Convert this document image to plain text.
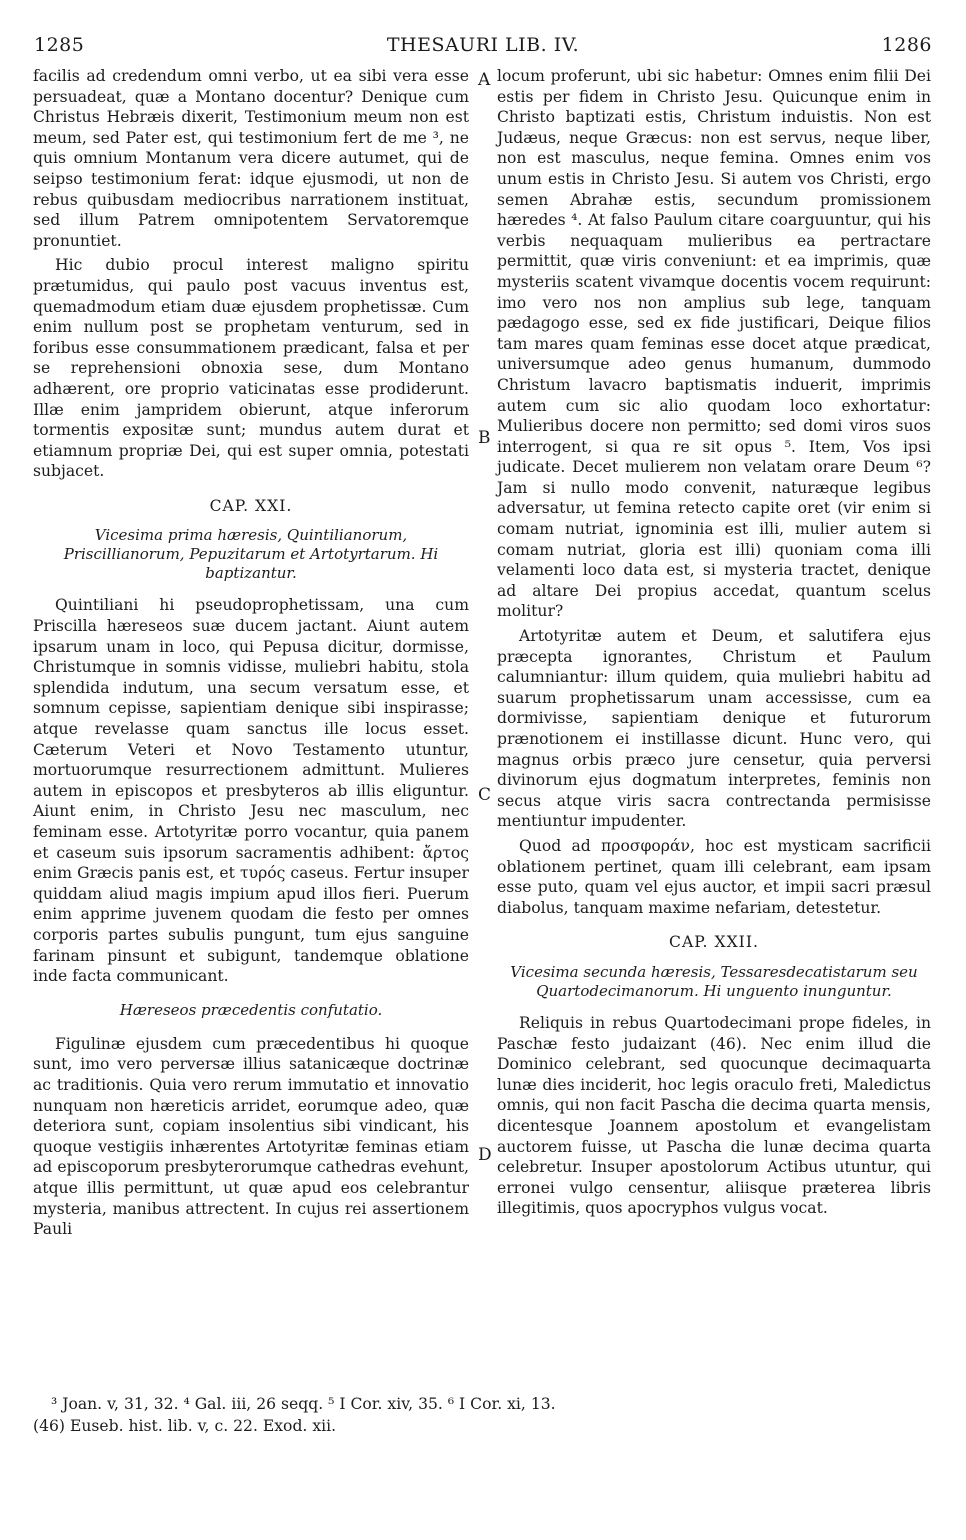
1285	THESAURI LIB. IV.	1286
A
B
C
D

facilis ad credendum omni verbo, ut ea sibi vera esse persuadeat, quæ a Montano docentur? Denique cum Christus Hebræis dixerit, Testimonium meum non est meum, sed Pater est, qui testimonium fert de me ³, ne quis omnium Montanum vera dicere autumet, qui de seipso testimonium ferat: idque ejusmodi, ut non de rebus quibusdam mediocribus narrationem instituat, sed illum Patrem omnipotentem Servatoremque pronuntiet.

Hic dubio procul interest maligno spiritu prætumidus, qui paulo post vacuus inventus est, quemadmodum etiam duæ ejusdem prophetissæ. Cum enim nullum post se prophetam venturum, sed in foribus esse consummationem prædicant, falsa et per se reprehensioni obnoxia sese, dum Montano adhærent, ore proprio vaticinatas esse prodiderunt. Illæ enim jampridem obierunt, atque inferorum tormentis expositæ sunt; mundus autem durat et etiamnum propriæ Dei, qui est super omnia, potestati subjacet.

CAP. XXI.
Vicesima prima hæresis, Quintilianorum, Priscillianorum, Pepuzitarum et Artotyrtarum. Hi baptizantur.

Quintiliani hi pseudoprophetissam, una cum Priscilla hæreseos suæ ducem jactant. Aiunt autem ipsarum unam in loco, qui Pepusa dicitur, dormisse, Christumque in somnis vidisse, muliebri habitu, stola splendida indutum, una secum versatum esse, et somnum cepisse, sapientiam denique sibi inspirasse; atque revelasse quam sanctus ille locus esset. Cæterum Veteri et Novo Testamento utuntur, mortuorumque resurrectionem admittunt. Mulieres autem in episcopos et presbyteros ab illis eliguntur. Aiunt enim, in Christo Jesu nec masculum, nec feminam esse. Artotyritæ porro vocantur, quia panem et caseum suis ipsorum sacramentis adhibent: ἄρτος enim Græcis panis est, et τυρός caseus. Fertur insuper quiddam aliud magis impium apud illos fieri. Puerum enim apprime juvenem quodam die festo per omnes corporis partes subulis pungunt, tum ejus sanguine farinam pinsunt et subigunt, tandemque oblatione inde facta communicant.

Hæreseos præcedentis confutatio.

Figulinæ ejusdem cum præcedentibus hi quoque sunt, imo vero perversæ illius satanicæque doctrinæ ac traditionis. Quia vero rerum immutatio et innovatio nunquam non hæreticis arridet, eorumque adeo, quæ deteriora sunt, copiam insolentius sibi vindicant, his quoque vestigiis inhærentes Artotyritæ feminas etiam ad episcoporum presbyterorumque cathedras evehunt, atque illis permittunt, ut quæ apud eos celebrantur mysteria, manibus attrectent. In cujus rei assertionem Pauli

locum proferunt, ubi sic habetur: Omnes enim filii Dei estis per fidem in Christo Jesu. Quicunque enim in Christo baptizati estis, Christum induistis. Non est Judæus, neque Græcus: non est servus, neque liber, non est masculus, neque femina. Omnes enim vos unum estis in Christo Jesu. Si autem vos Christi, ergo semen Abrahæ estis, secundum promissionem hæredes ⁴. At falso Paulum citare coarguuntur, qui his verbis nequaquam mulieribus ea pertractare permittit, quæ viris conveniunt: et ea imprimis, quæ mysteriis scatent vivamque docentis vocem requirunt: imo vero nos non amplius sub lege, tanquam pædagogo esse, sed ex fide justificari, Deique filios tam mares quam feminas esse docet atque prædicat, universumque adeo genus humanum, dummodo Christum lavacro baptismatis induerit, imprimis autem cum sic alio quodam loco exhortatur: Mulieribus docere non permitto; sed domi viros suos interrogent, si qua re sit opus ⁵. Item, Vos ipsi judicate. Decet mulierem non velatam orare Deum ⁶? Jam si nullo modo convenit, naturæque legibus adversatur, ut femina retecto capite oret (vir enim si comam nutriat, ignominia est illi, mulier autem si comam nutriat, gloria est illi) quoniam coma illi velamenti loco data est, si mysteria tractet, denique ad altare Dei propius accedat, quantum scelus molitur?

Artotyritæ autem et Deum, et salutifera ejus præcepta ignorantes, Christum et Paulum calumniantur: illum quidem, quia muliebri habitu ad suarum prophetissarum unam accessisse, cum ea dormivisse, sapientiam denique et futurorum prænotionem ei instillasse dicunt. Hunc vero, qui magnus orbis præco jure censetur, quia perversi divinorum ejus dogmatum interpretes, feminis non secus atque viris sacra contrectanda permisisse mentiuntur impudenter.

Quod ad προσφοράν, hoc est mysticam sacrificii oblationem pertinet, quam illi celebrant, eam ipsam esse puto, quam vel ejus auctor, et impii sacri præsul diabolus, tanquam maxime nefariam, detestetur.

CAP. XXII.
Vicesima secunda hæresis, Tessaresdecatistarum seu Quartodecimanorum. Hi unguento inunguntur.

Reliquis in rebus Quartodecimani prope fideles, in Paschæ festo judaizant (46). Nec enim illud die Dominico celebrant, sed quocunque decimaquarta lunæ dies inciderit, hoc legis oraculo freti, Maledictus omnis, qui non facit Pascha die decima quarta mensis, dicentesque Joannem apostolum et evangelistam auctorem fuisse, ut Pascha die lunæ decima quarta celebretur. Insuper apostolorum Actibus utuntur, qui erronei vulgo censentur, aliisque præterea libris illegitimis, quos apocryphos vulgus vocat.

³ Joan. v, 31, 32. ⁴ Gal. iii, 26 seqq. ⁵ I Cor. xiv, 35. ⁶ I Cor. xi, 13.
(46) Euseb. hist. lib. v, c. 22. Exod. xii.
